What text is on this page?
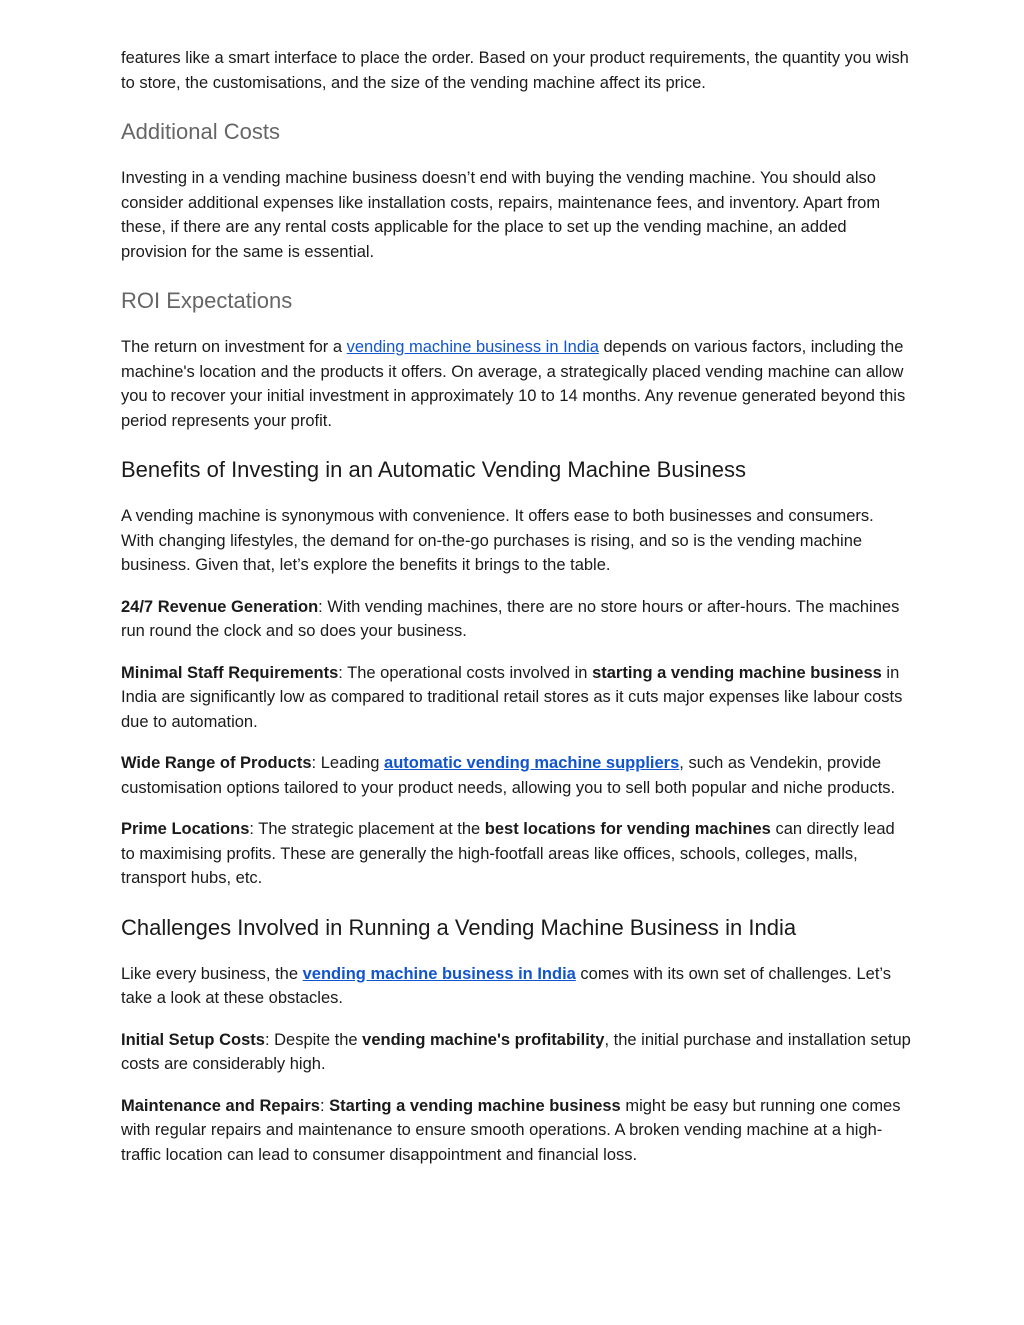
features like a smart interface to place the order. Based on your product requirements, the quantity you wish to store, the customisations, and the size of the vending machine affect its price.

Additional Costs

Investing in a vending machine business doesn’t end with buying the vending machine. You should also consider additional expenses like installation costs, repairs, maintenance fees, and inventory. Apart from these, if there are any rental costs applicable for the place to set up the vending machine, an added provision for the same is essential.

ROI Expectations

The return on investment for a vending machine business in India depends on various factors, including the machine's location and the products it offers. On average, a strategically placed vending machine can allow you to recover your initial investment in approximately 10 to 14 months. Any revenue generated beyond this period represents your profit.

Benefits of Investing in an Automatic Vending Machine Business

A vending machine is synonymous with convenience. It offers ease to both businesses and consumers. With changing lifestyles, the demand for on-the-go purchases is rising, and so is the vending machine business. Given that, let’s explore the benefits it brings to the table.

24/7 Revenue Generation: With vending machines, there are no store hours or after-hours. The machines run round the clock and so does your business.

Minimal Staff Requirements: The operational costs involved in starting a vending machine business in India are significantly low as compared to traditional retail stores as it cuts major expenses like labour costs due to automation.

Wide Range of Products: Leading automatic vending machine suppliers, such as Vendekin, provide customisation options tailored to your product needs, allowing you to sell both popular and niche products.

Prime Locations: The strategic placement at the best locations for vending machines can directly lead to maximising profits. These are generally the high-footfall areas like offices, schools, colleges, malls, transport hubs, etc.

Challenges Involved in Running a Vending Machine Business in India

Like every business, the vending machine business in India comes with its own set of challenges. Let’s take a look at these obstacles.

Initial Setup Costs: Despite the vending machine's profitability, the initial purchase and installation setup costs are considerably high.

Maintenance and Repairs: Starting a vending machine business might be easy but running one comes with regular repairs and maintenance to ensure smooth operations. A broken vending machine at a high-traffic location can lead to consumer disappointment and financial loss.
